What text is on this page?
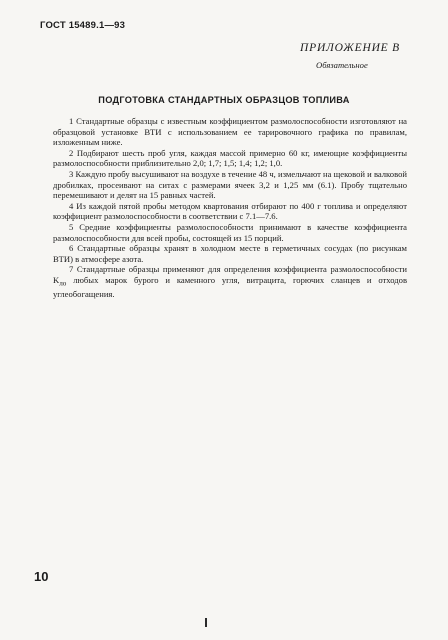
ГОСТ 15489.1—93
ПРИЛОЖЕНИЕ В
Обязательное
ПОДГОТОВКА СТАНДАРТНЫХ ОБРАЗЦОВ ТОПЛИВА

1 Стандартные образцы с известным коэффициентом размолоспособности изготовляют на образцовой установке ВТИ с использованием ее тарировочного графика по правилам, изложенным ниже.

2 Подбирают шесть проб угля, каждая массой примерно 60 кг, имеющие коэффициенты размолоспособности приблизительно 2,0; 1,7; 1,5; 1,4; 1,2; 1,0.

3 Каждую пробу высушивают на воздухе в течение 48 ч, измельчают на щековой и валковой дробилках, просеивают на ситах с размерами ячеек 3,2 и 1,25 мм (6.1). Пробу тщательно перемешивают и делят на 15 равных частей.

4 Из каждой пятой пробы методом квартования отбирают по 400 г топлива и определяют коэффициент размолоспособности в соответствии с 7.1—7.6.

5 Средние коэффициенты размолоспособности принимают в качестве коэффициента размолоспособности для всей пробы, состоящей из 15 порций.

6 Стандартные образцы хранят в холодном месте в герметичных сосудах (по рисункам ВТИ) в атмосфере азота.

7 Стандартные образцы применяют для определения коэффициента размолоспособности $K_{ло}$ любых марок бурого и каменного угля, витрацита, горючих сланцев и отходов углеобогащения.

10
